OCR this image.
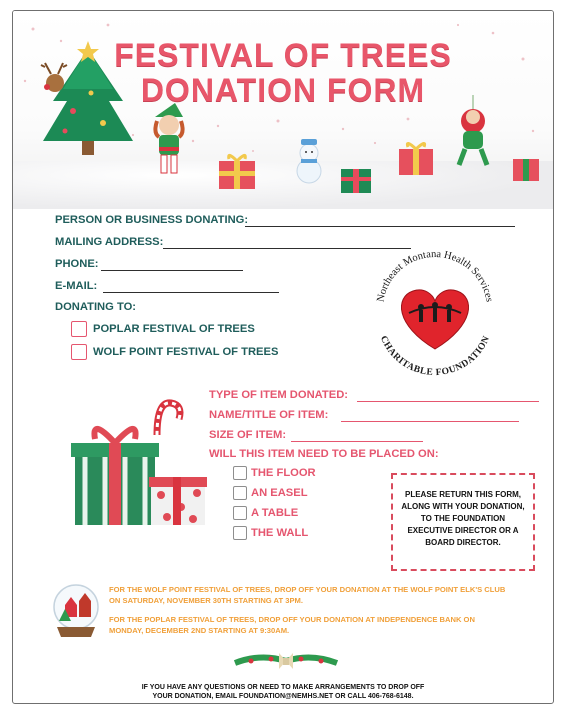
FESTIVAL OF TREES
DONATION FORM
PERSON OR BUSINESS DONATING:
MAILING ADDRESS:
PHONE:
E-MAIL:
DONATING TO:
POPLAR FESTIVAL OF TREES
WOLF POINT FESTIVAL OF TREES
Northeast Montana Health Services
CHARITABLE FOUNDATION
TYPE OF ITEM DONATED:
NAME/TITLE OF ITEM:
SIZE OF ITEM:
WILL THIS ITEM NEED TO BE PLACED ON:
THE FLOOR
AN EASEL
A TABLE
THE WALL
PLEASE RETURN THIS FORM, ALONG WITH YOUR DONATION, TO THE FOUNDATION EXECUTIVE DIRECTOR OR A BOARD DIRECTOR.
FOR THE WOLF POINT FESTIVAL OF TREES, DROP OFF YOUR DONATION AT THE WOLF POINT ELK'S CLUB ON SATURDAY, NOVEMBER 30TH STARTING AT 3PM.
FOR THE POPLAR FESTIVAL OF TREES, DROP OFF YOUR DONATION AT INDEPENDENCE BANK ON MONDAY, DECEMBER 2ND STARTING AT 9:30AM.
IF YOU HAVE ANY QUESTIONS OR NEED TO MAKE ARRANGEMENTS TO DROP OFF
YOUR DONATION, EMAIL FOUNDATION@NEMHS.NET OR CALL 406-768-6148.
